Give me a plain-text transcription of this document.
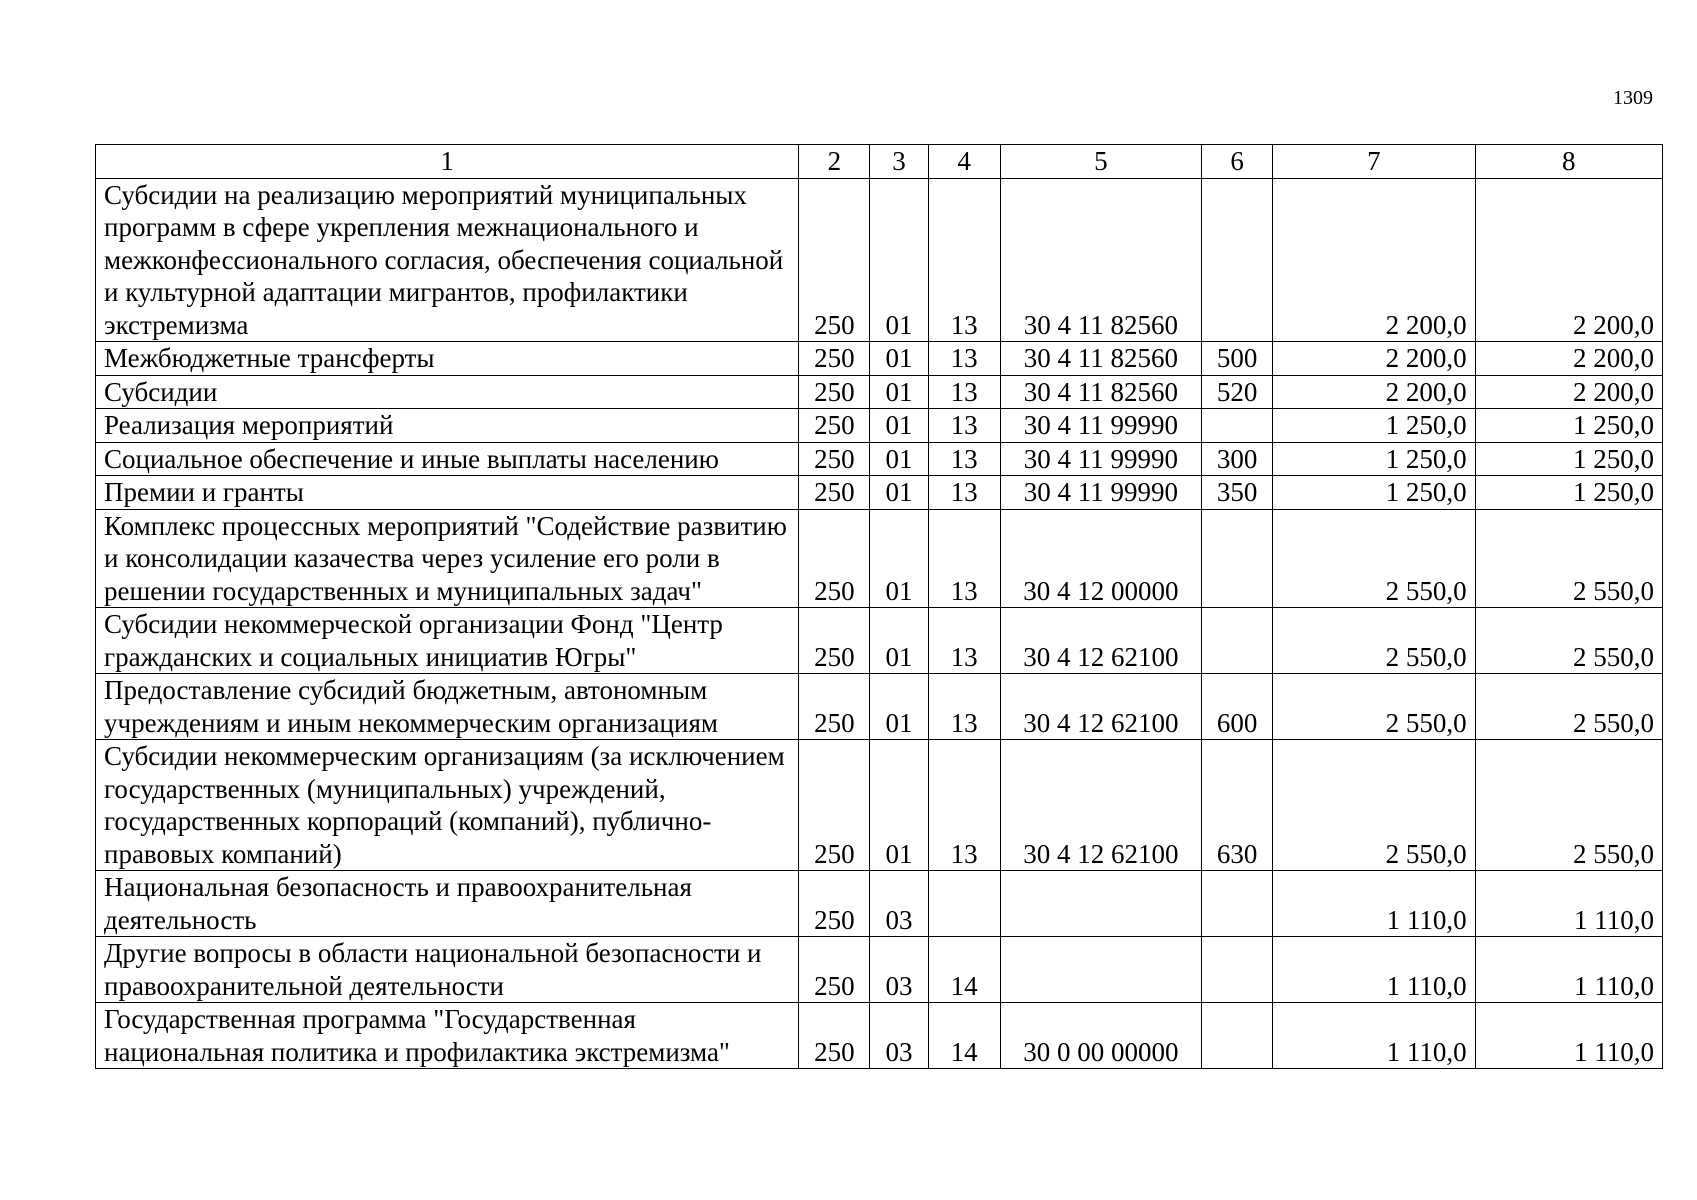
1309
1	2	3	4	5	6	7	8
Субсидии на реализацию мероприятий муниципальных программ в сфере укрепления межнационального и межконфессионального согласия, обеспечения социальной и культурной адаптации мигрантов, профилактики экстремизма	250	01	13	30 4 11 82560		2 200,0	2 200,0
Межбюджетные трансферты	250	01	13	30 4 11 82560	500	2 200,0	2 200,0
Субсидии	250	01	13	30 4 11 82560	520	2 200,0	2 200,0
Реализация мероприятий	250	01	13	30 4 11 99990		1 250,0	1 250,0
Социальное обеспечение и иные выплаты населению	250	01	13	30 4 11 99990	300	1 250,0	1 250,0
Премии и гранты	250	01	13	30 4 11 99990	350	1 250,0	1 250,0
Комплекс процессных мероприятий "Содействие развитию и консолидации казачества через усиление его роли в решении государственных и муниципальных задач"	250	01	13	30 4 12 00000		2 550,0	2 550,0
Субсидии некоммерческой организации Фонд "Центр гражданских и социальных инициатив Югры"	250	01	13	30 4 12 62100		2 550,0	2 550,0
Предоставление субсидий бюджетным, автономным учреждениям и иным некоммерческим организациям	250	01	13	30 4 12 62100	600	2 550,0	2 550,0
Субсидии некоммерческим организациям (за исключением государственных (муниципальных) учреждений, государственных корпораций (компаний), публично-правовых компаний)	250	01	13	30 4 12 62100	630	2 550,0	2 550,0
Национальная безопасность и правоохранительная деятельность	250	03				1 110,0	1 110,0
Другие вопросы в области национальной безопасности и правоохранительной деятельности	250	03	14			1 110,0	1 110,0
Государственная программа "Государственная национальная политика и профилактика экстремизма"	250	03	14	30 0 00 00000		1 110,0	1 110,0
